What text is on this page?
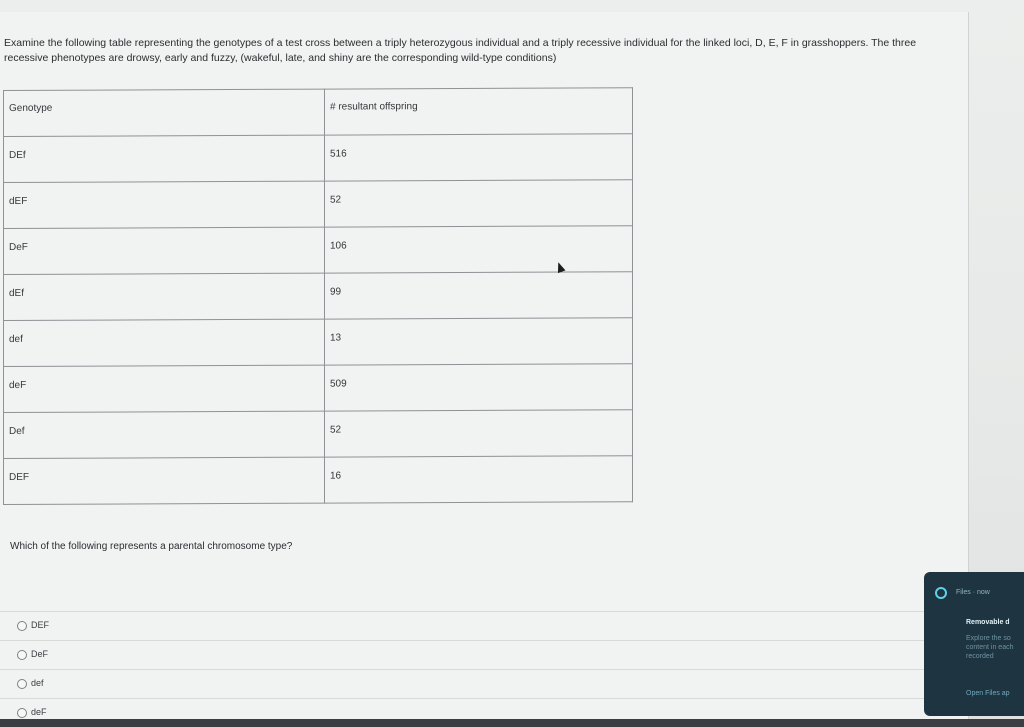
Examine the following table representing the genotypes of a test cross between a triply heterozygous individual and a triply recessive individual for the linked loci, D, E, F in grasshoppers. The three recessive phenotypes are drowsy, early and fuzzy, (wakeful, late, and shiny are the corresponding wild-type conditions)
Genotype	# resultant offspring
DEf	516
dEF	52
DeF	106
dEf	99
def	13
deF	509
Def	52
DEF	16
Which of the following represents a parental chromosome type?
DEF
DeF
def
deF
Files · now
Removable d
Explore the so content in each recorded
Open Files ap
